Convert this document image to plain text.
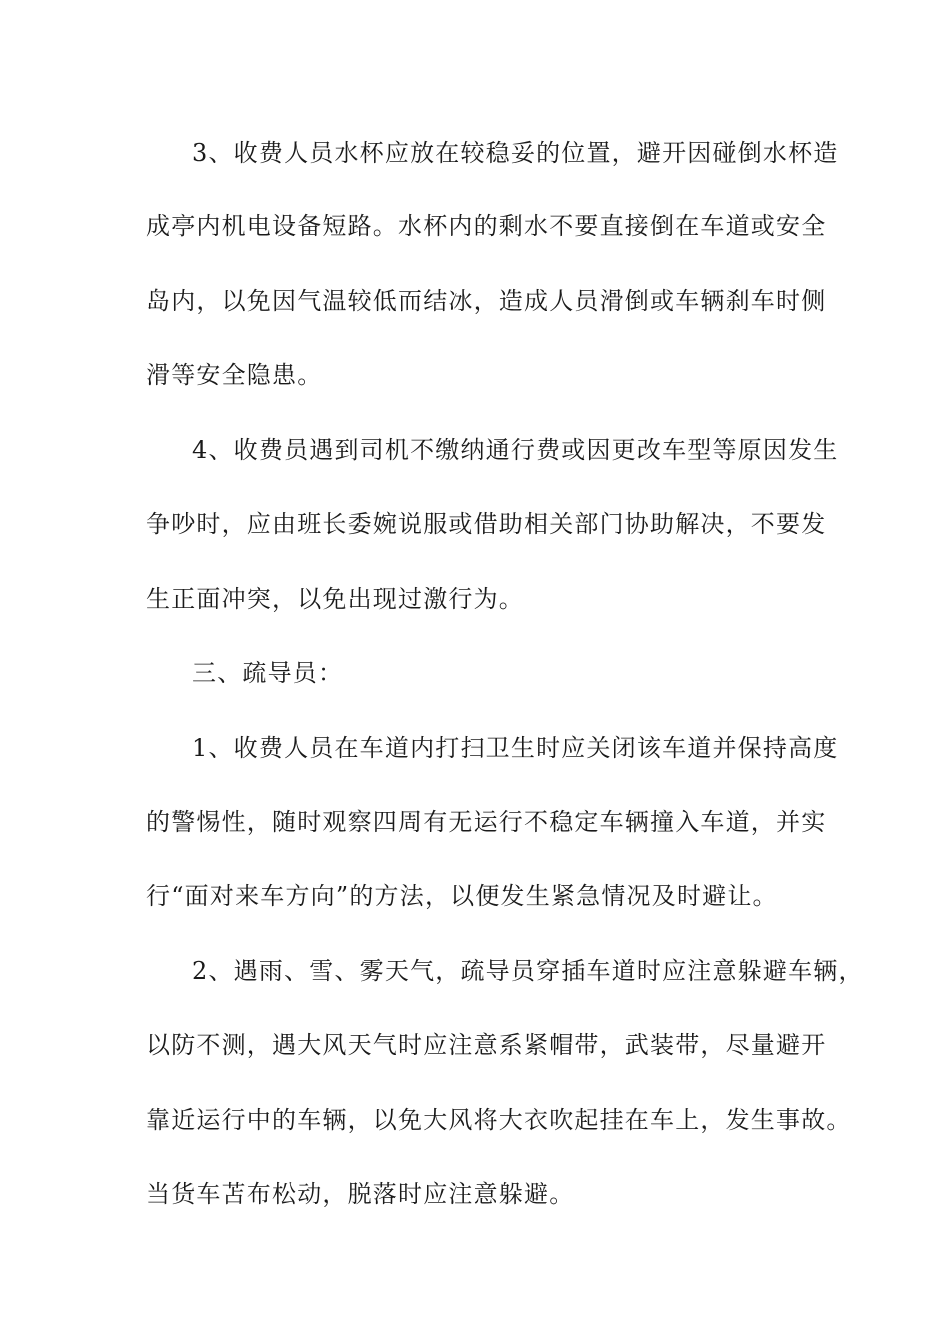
3、收费人员水杯应放在较稳妥的位置，避开因碰倒水杯造
成亭内机电设备短路。水杯内的剩水不要直接倒在车道或安全
岛内，以免因气温较低而结冰，造成人员滑倒或车辆刹车时侧
滑等安全隐患。
4、收费员遇到司机不缴纳通行费或因更改车型等原因发生
争吵时，应由班长委婉说服或借助相关部门协助解决，不要发
生正面冲突，以免出现过激行为。
三、疏导员：
1、收费人员在车道内打扫卫生时应关闭该车道并保持高度
的警惕性，随时观察四周有无运行不稳定车辆撞入车道，并实
行“面对来车方向”的方法，以便发生紧急情况及时避让。
2、遇雨、雪、雾天气，疏导员穿插车道时应注意躲避车辆，
以防不测，遇大风天气时应注意系紧帽带，武装带，尽量避开
靠近运行中的车辆，以免大风将大衣吹起挂在车上，发生事故。
当货车苫布松动，脱落时应注意躲避。
